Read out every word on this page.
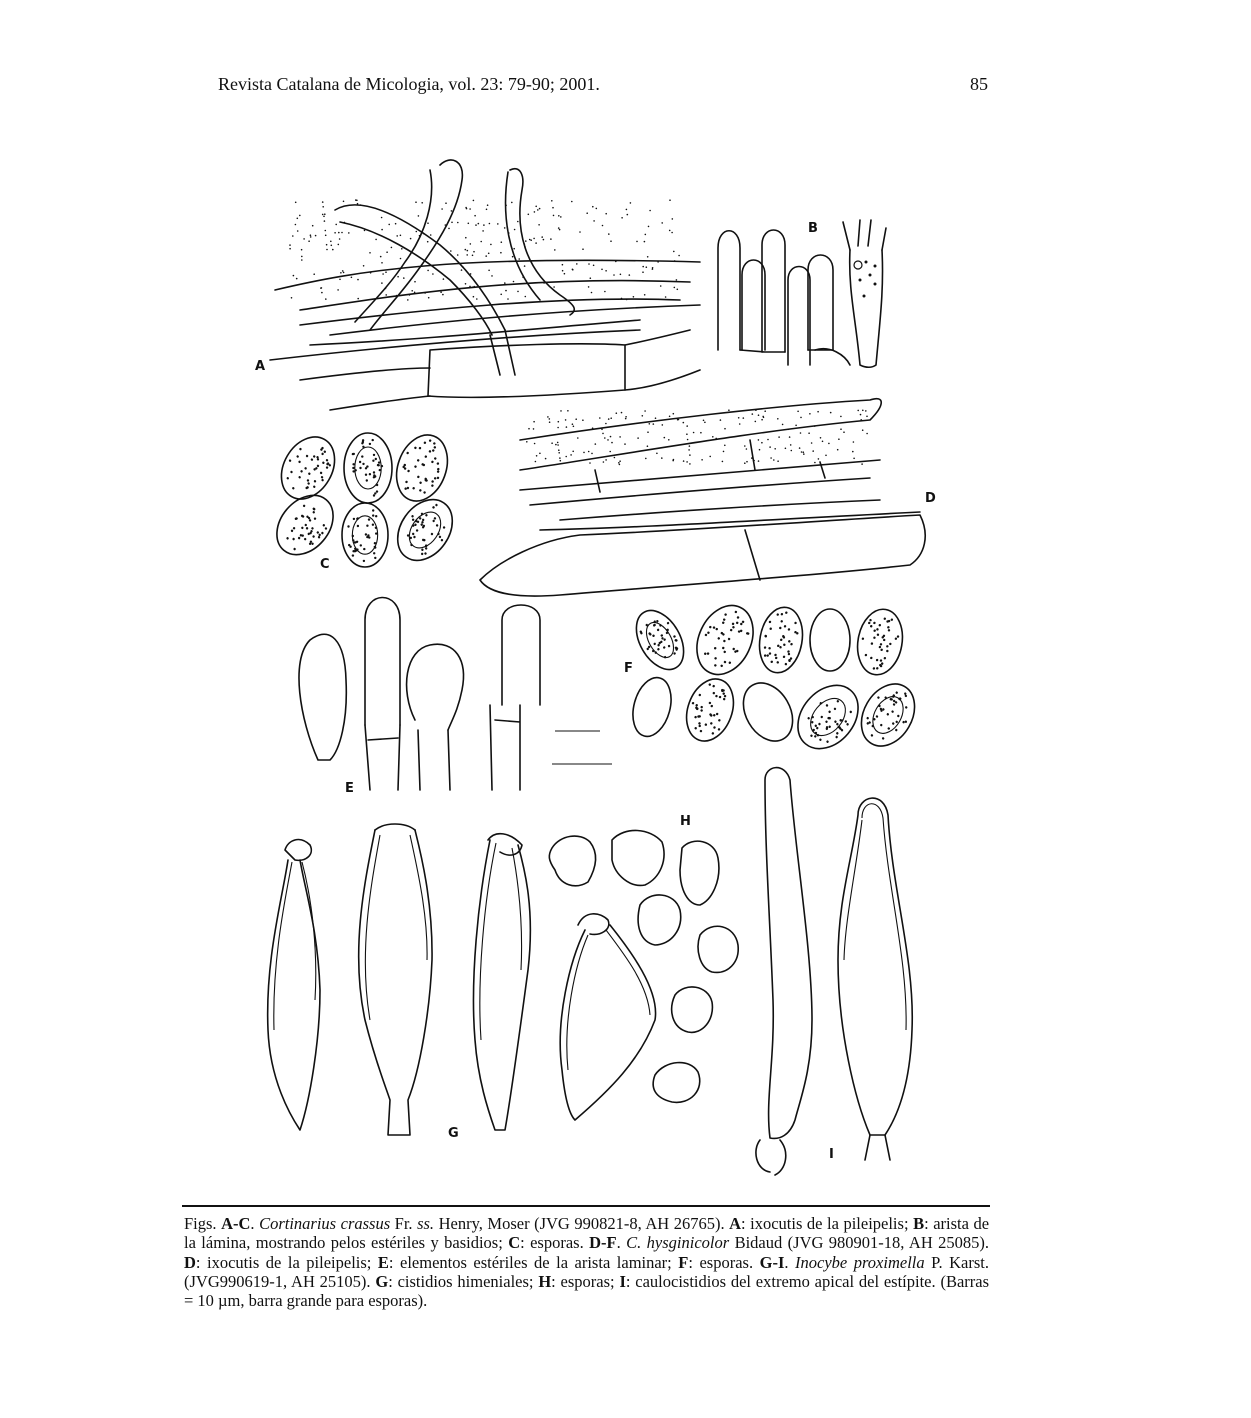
Revista Catalana de Micologia, vol. 23: 79-90; 2001.	85
A
B
C
D
E
F
G
H
I

Figs. A-C. Cortinarius crassus Fr. ss. Henry, Moser (JVG 990821-8, AH 26765). A: ixocutis de la pileipelis; B: arista de la lámina, mostrando pelos estériles y basidios; C: esporas. D-F. C. hysginicolor Bidaud (JVG 980901-18, AH 25085). D: ixocutis de la pileipelis; E: elementos estériles de la arista laminar; F: esporas. G-I. Inocybe proximella P. Karst. (JVG990619-1, AH 25105). G: cistidios himeniales; H: esporas; I: caulocistidios del extremo apical del estípite. (Barras = 10 µm, barra grande para esporas).
